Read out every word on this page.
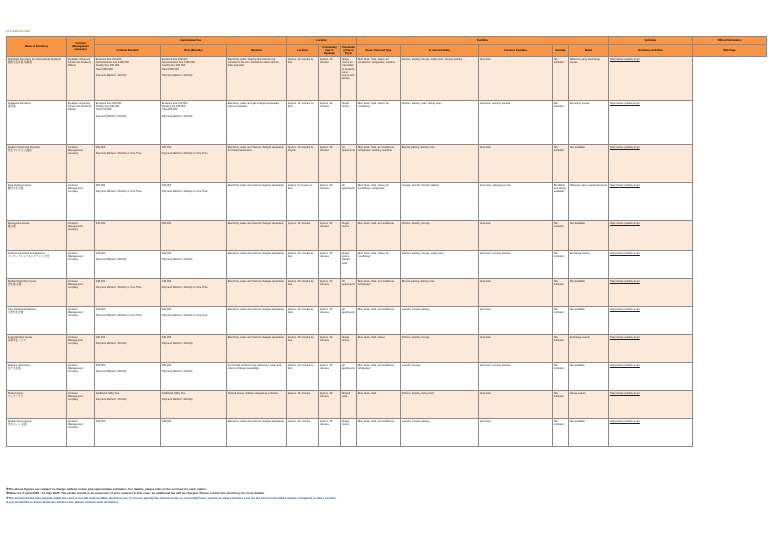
As of 2025 Feb 2025
Name of Dormitory	Contract (Management company)	Approximate Fee			Location			Facilities					Activities	Official Information
		Contract Duration	Rent (Monthly)	Remarks	Location	Commuting time to Ryukoku	Commuting time to Kyoto	Room Total and Type	In-room Facilities	Common Facilities	Security	Meals	Dormitory Activities	Web Page
Shinbashi Dormitory for International Students
国際交流会館 信貴寮	Ryukoku University
(Under the Students Affairs)	Entrance Fee ¥30,000
Administrative Fee ¥180,000
Facility Fee ¥60,000
Total ¥300,000

Payment Method : Monthly	Entrance Fee ¥30,000
Administrative Fee ¥180,000
Facility Fee ¥60,000
Total ¥300,000

Payment Method : Monthly	Electricity, water, heating and internet are included in the rent. Residents share kitchen, bath and toilet.	Approx. 15 minutes by bus	Approx. 30 minutes	Single rooms for international students; some rooms with kitchen	Bed, desk, chair, closet, air conditioner, refrigerator, curtains	Kitchen, laundry, lounge, study room, bicycle parking	Auto-lock	Not included	Welcome party, Exchange events	https://www.ryukoku.ac.jp/	
Fukakusa Dormitory
深草寮	Ryukoku University
(Under the Students Affairs)	Entrance Fee ¥30,000
Facility Fee ¥40,000
Total ¥70,000

Payment Method : Monthly	Entrance Fee ¥30,000
Monthly fee ¥35,000
Total ¥65,000

Payment Method : Monthly	Electricity, water and gas charged separately. Internet included.	Approx. 10 minutes on foot	Approx. 20 minutes	Single rooms	Bed, desk, chair, closet, air conditioner	Kitchen, laundry, bath, dining room	Auto-lock, security camera	Not included	Dormitory events	https://www.ryukoku.ac.jp/	
Student Apartment Ryukoku
学生マンション 龍谷	Contract Management company	¥50,000

Payment Method : Monthly or One Time	¥50,000

Payment Method : Monthly or One Time	Electricity, water and internet charged separately. Furnished apartment.	Approx. 10 minutes by bicycle	Approx. 30 minutes	1K apartments	Bed, desk, chair, air conditioner, refrigerator, washing machine	Bicycle parking, delivery box	Auto-lock	Not included	Not available	https://www.ryukoku.ac.jp/	
Seta Student House
瀬田学生会館	Contract Management company	¥60,000

Payment Method : Monthly or One Time	¥60,000

Payment Method : Monthly or One Time	Electricity, water and internet charged separately.	Approx. 5 minutes on foot	Approx. 40 minutes	1K apartments	Bed, desk, chair, closet, air conditioner, refrigerator	Lounge, laundry, bicycle parking	Auto-lock, manager on site	Breakfast and dinner available	Welcome party, seasonal events	https://www.ryukoku.ac.jp/	
Momoyama House
桃山寮	Contract Management company	¥35,000	¥35,000	Electricity, water and internet charged separately.	Approx. 15 minutes	Approx. 25 minutes	Single rooms	Bed, desk, chair, air conditioner	Kitchen, laundry, lounge	Auto-lock	Not included	Not available	https://www.ryukoku.ac.jp/	
Fushimi International Residence
インターナショナルレジデンス 伏見	Contract Management company	¥45,000

Payment Method : Monthly	¥45,000

Payment Method : Monthly	Electricity, water and internet charged separately.	Approx. 15 minutes by bus	Approx. 30 minutes	Single rooms, shared units	Bed, desk, chair, closet, air conditioner	Kitchen, laundry, lounge, study room	Auto-lock, security camera	Not included	Exchange events	https://www.ryukoku.ac.jp/	
Student Dormitory Kyoto
学生寮 京都	Contract Management company	¥48,000

Payment Method : Monthly or One Time	¥48,000

Payment Method : Monthly or One Time	Electricity, water and internet charged separately.	Approx. 20 minutes by bus	Approx. 20 minutes	1K apartments	Bed, desk, chair, air conditioner, refrigerator	Bicycle parking, delivery box	Auto-lock	Not included	Not available	https://www.ryukoku.ac.jp/	
Otsu Student Residence
大津学生会館	Contract Management company	¥42,000

Payment Method : Monthly or One Time	¥42,000

Payment Method : Monthly or One Time	Electricity, water and internet charged separately.	Approx. 15 minutes by train	Approx. 30 minutes	1K apartments	Bed, desk, chair, air conditioner	Laundry, bicycle parking	Auto-lock	Not included	Not available	https://www.ryukoku.ac.jp/	
Kyoto Student House
京都学生ハウス	Contract Management company	¥40,000

Payment Method : Monthly	¥40,000

Payment Method : Monthly	Electricity, water and internet charged separately.	Approx. 20 minutes by bus	Approx. 20 minutes	Single rooms	Bed, desk, chair, closet	Kitchen, laundry, lounge	Auto-lock	Not included	Exchange events	https://www.ryukoku.ac.jp/	
Women's Dormitory
女子学生寮	Contract Management company	¥55,000

Payment Method : Monthly	¥55,000

Payment Method : Monthly	For female students only. Electricity, water and internet charged separately.	Approx. 10 minutes on foot	Approx. 30 minutes	1K apartments	Bed, desk, chair, air conditioner, refrigerator	Laundry, lounge	Auto-lock, security camera	Not included	Not available	https://www.ryukoku.ac.jp/	
Share House
シェアハウス	Contract Management company	Additional Utility Fee

Payment Method : Monthly	Additional Utility Fee

Payment Method : Monthly	Shared house. Utilities charged as a flat fee.	Approx. 15 minutes	Approx. 30 minutes	Shared units	Bed, desk, chair	Kitchen, laundry, living room	Auto-lock	Not included	House events	https://www.ryukoku.ac.jp/	
Student Room Kyoto
学生ルーム 京都	Contract Management company	¥38,000	¥38,000	Electricity, water and internet charged separately.	Approx. 20 minutes	Approx. 25 minutes	Single rooms	Bed, desk, chair, air conditioner	Laundry, bicycle parking	Auto-lock	Not included	Not available	https://www.ryukoku.ac.jp/	
※The above figures are subject to change without notice and approximate estimates. For details, please refer to the contract for each option.
※Rates for 2 April 2025 - 31 July 2025. The earlier arrival or an extension of your contract in this case, an additional fee will be charged. Please contact the dormitory for more details.
※The amount listed may include initial fees and is not the total monthly dormitory fee. If you are paying the dormitory fee on a monthly basis, please be aware that the cost for the first month will be higher compared to other months.
If you would like to know about the initial costs, please contact each dormitory.
